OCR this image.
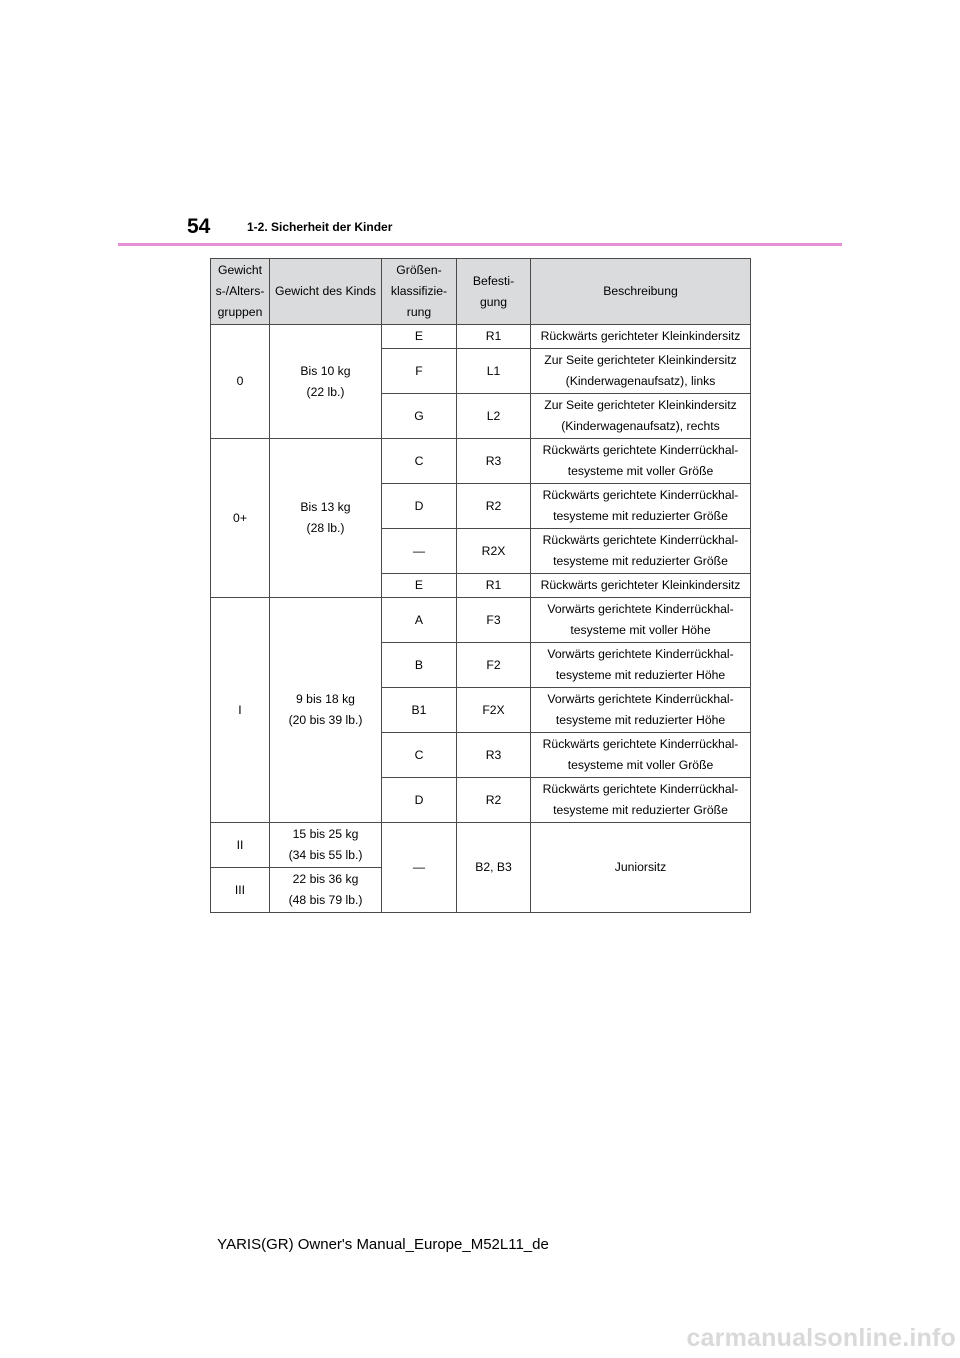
54	1-2. Sicherheit der Kinder
Gewicht
s-/Alters-
gruppen	Gewicht des Kinds	Größen-
klassifizie-
rung	Befesti-
gung	Beschreibung

0	Bis 10 kg
(22 lb.)	E	R1	Rückwärts gerichteter Kleinkindersitz

		F	L1	Zur Seite gerichteter Kleinkindersitz
(Kinderwagenaufsatz), links

		G	L2	Zur Seite gerichteter Kleinkindersitz
(Kinderwagenaufsatz), rechts

0+	Bis 13 kg
(28 lb.)	C	R3	Rückwärts gerichtete Kinderrückhal-
tesysteme mit voller Größe

		D	R2	Rückwärts gerichtete Kinderrückhal-
tesysteme mit reduzierter Größe

		—	R2X	Rückwärts gerichtete Kinderrückhal-
tesysteme mit reduzierter Größe

		E	R1	Rückwärts gerichteter Kleinkindersitz

I	9 bis 18 kg
(20 bis 39 lb.)	A	F3	Vorwärts gerichtete Kinderrückhal-
tesysteme mit voller Höhe

		B	F2	Vorwärts gerichtete Kinderrückhal-
tesysteme mit reduzierter Höhe

		B1	F2X	Vorwärts gerichtete Kinderrückhal-
tesysteme mit reduzierter Höhe

		C	R3	Rückwärts gerichtete Kinderrückhal-
tesysteme mit voller Größe

		D	R2	Rückwärts gerichtete Kinderrückhal-
tesysteme mit reduzierter Größe

II	15 bis 25 kg
(34 bis 55 lb.)	—	B2, B3	Juniorsitz

III	22 bis 36 kg
(48 bis 79 lb.)			
YARIS(GR) Owner's Manual_Europe_M52L11_de
carmanualsonline.info
